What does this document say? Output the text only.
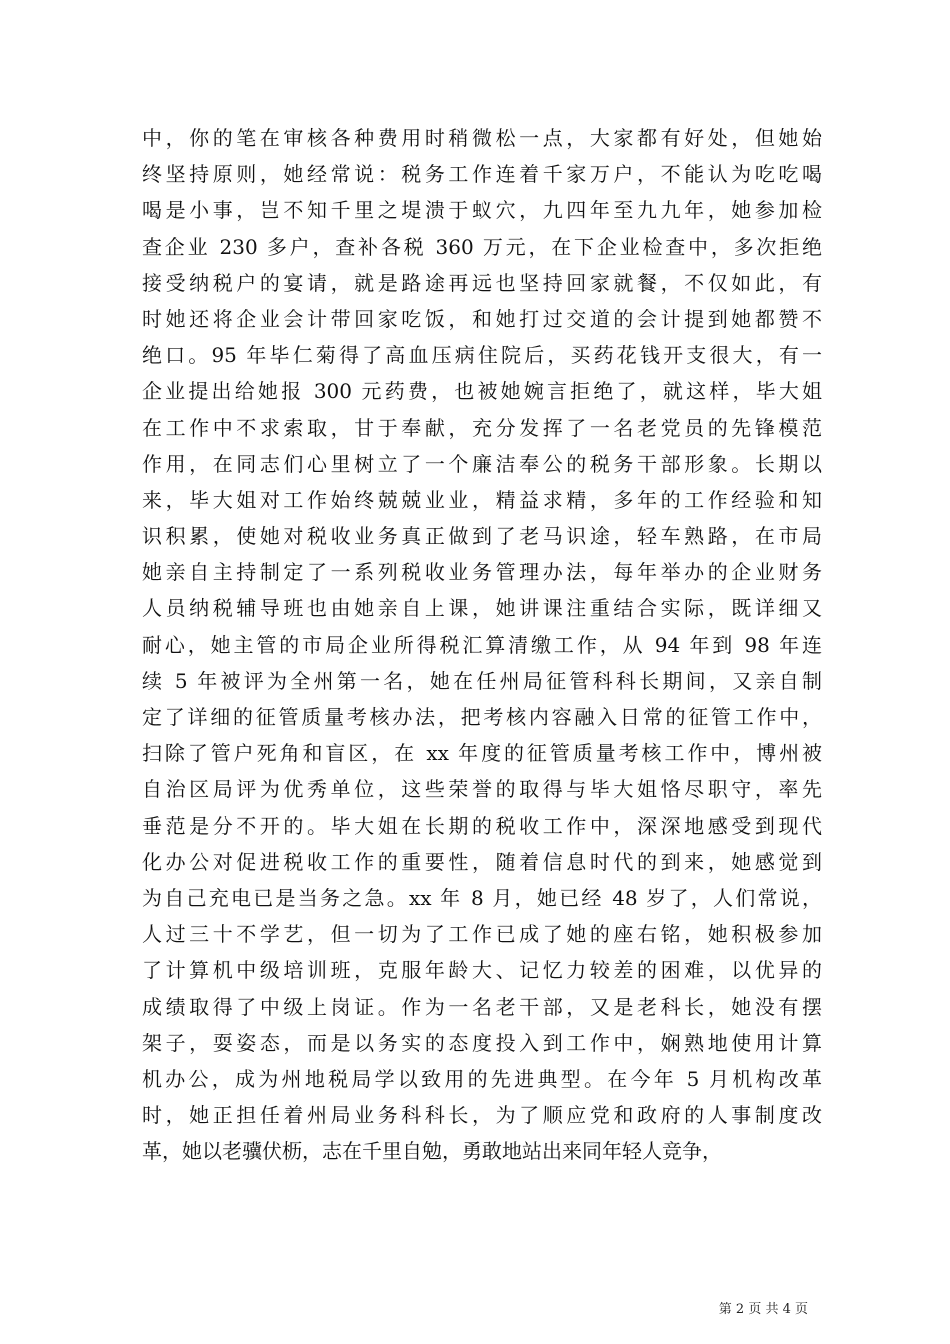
中，你的笔在审核各种费用时稍微松一点，大家都有好处，但她始
终坚持原则，她经常说：税务工作连着千家万户，不能认为吃吃喝
喝是小事，岂不知千里之堤溃于蚁穴，九四年至九九年，她参加检
查企业 230 多户，查补各税 360 万元，在下企业检查中，多次拒绝
接受纳税户的宴请，就是路途再远也坚持回家就餐，不仅如此，有
时她还将企业会计带回家吃饭，和她打过交道的会计提到她都赞不
绝口。95 年毕仁菊得了高血压病住院后，买药花钱开支很大，有一
企业提出给她报 300 元药费，也被她婉言拒绝了，就这样，毕大姐
在工作中不求索取，甘于奉献，充分发挥了一名老党员的先锋模范
作用，在同志们心里树立了一个廉洁奉公的税务干部形象。长期以
来，毕大姐对工作始终兢兢业业，精益求精，多年的工作经验和知
识积累，使她对税收业务真正做到了老马识途，轻车熟路，在市局
她亲自主持制定了一系列税收业务管理办法，每年举办的企业财务
人员纳税辅导班也由她亲自上课，她讲课注重结合实际，既详细又
耐心，她主管的市局企业所得税汇算清缴工作，从 94 年到 98 年连
续 5 年被评为全州第一名，她在任州局征管科科长期间，又亲自制
定了详细的征管质量考核办法，把考核内容融入日常的征管工作中，
扫除了管户死角和盲区，在 xx 年度的征管质量考核工作中，博州被
自治区局评为优秀单位，这些荣誉的取得与毕大姐恪尽职守，率先
垂范是分不开的。毕大姐在长期的税收工作中，深深地感受到现代
化办公对促进税收工作的重要性，随着信息时代的到来，她感觉到
为自己充电已是当务之急。xx 年 8 月，她已经 48 岁了，人们常说，
人过三十不学艺，但一切为了工作已成了她的座右铭，她积极参加
了计算机中级培训班，克服年龄大、记忆力较差的困难，以优异的
成绩取得了中级上岗证。作为一名老干部，又是老科长，她没有摆
架子，耍姿态，而是以务实的态度投入到工作中，娴熟地使用计算
机办公，成为州地税局学以致用的先进典型。在今年 5 月机构改革
时，她正担任着州局业务科科长，为了顺应党和政府的人事制度改
革，她以老骥伏枥，志在千里自勉，勇敢地站出来同年轻人竞争，
第 2 页 共 4 页
